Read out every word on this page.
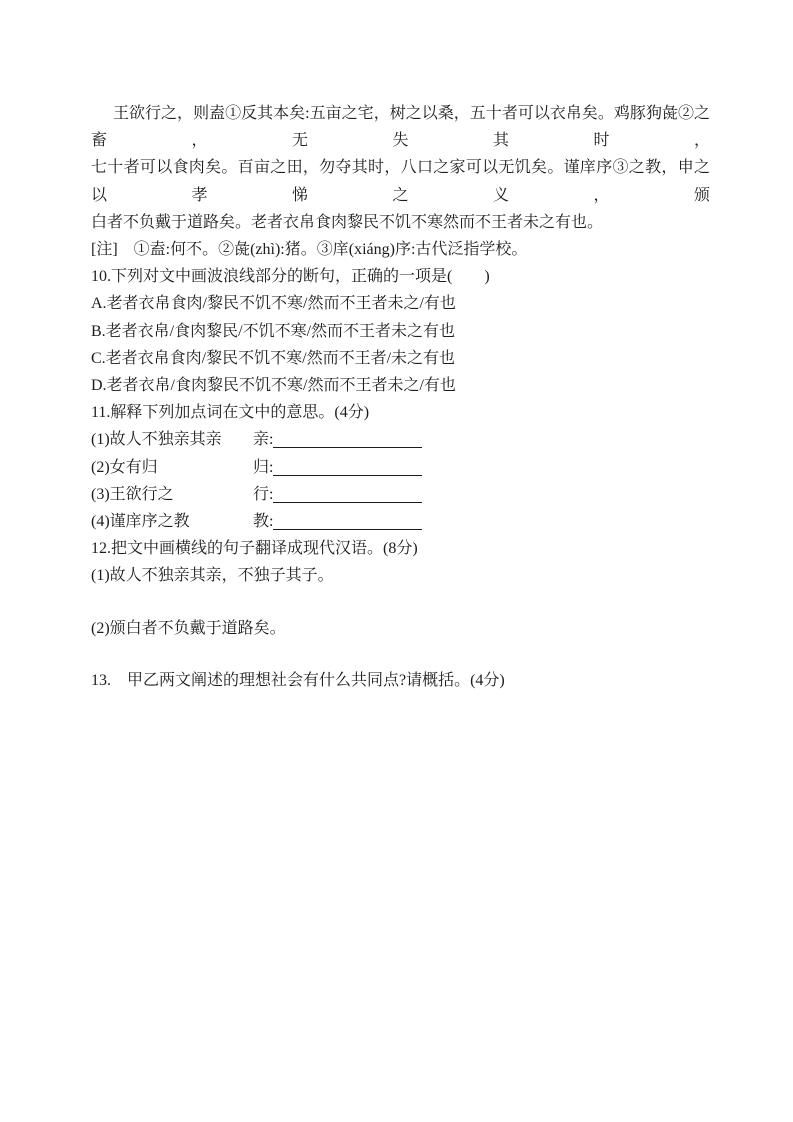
王欲行之，则盍①反其本矣:五亩之宅，树之以桑，五十者可以衣帛矣。鸡豚狗彘②之畜，无失其时，
七十者可以食肉矣。百亩之田，勿夺其时，八口之家可以无饥矣。谨庠序③之教，申之以孝悌之义，颁
白者不负戴于道路矣。老者衣帛食肉黎民不饥不寒然而不王者未之有也。

[注]　①盍:何不。②彘(zhì):猪。③庠(xiáng)序:古代泛指学校。
10.下列对文中画波浪线部分的断句，正确的一项是(　　)
A.老者衣帛食肉/黎民不饥不寒/然而不王者未之/有也
B.老者衣帛/食肉黎民/不饥不寒/然而不王者未之有也
C.老者衣帛食肉/黎民不饥不寒/然而不王者/未之有也
D.老者衣帛/食肉黎民不饥不寒/然而不王者未之/有也
11.解释下列加点词在文中的意思。(4分)
(1)故人不独亲其亲	亲:
(2)女有归	归:
(3)王欲行之	行:
(4)谨庠序之教	教:
12.把文中画横线的句子翻译成现代汉语。(8分)
(1)故人不独亲其亲，不独子其子。
(2)颁白者不负戴于道路矣。
13.　甲乙两文阐述的理想社会有什么共同点?请概括。(4分)
